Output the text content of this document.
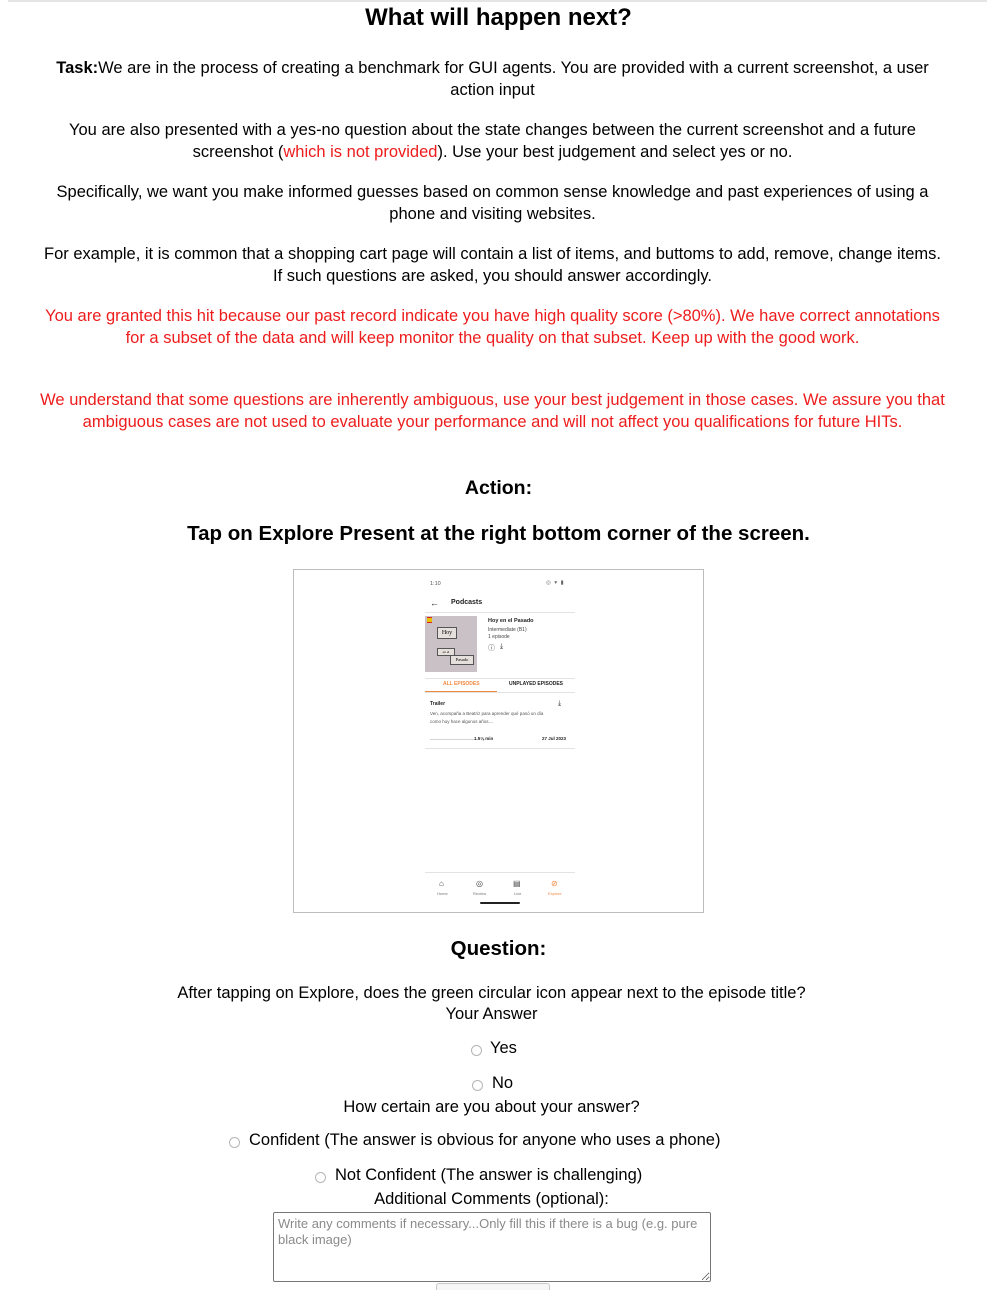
What will happen next?

Task:We are in the process of creating a benchmark for GUI agents. You are provided with a current screenshot, a user action input

You are also presented with a yes-no question about the state changes between the current screenshot and a future screenshot (which is not provided). Use your best judgement and select yes or no.

Specifically, we want you make informed guesses based on common sense knowledge and past experiences of using a phone and visiting websites.

For example, it is common that a shopping cart page will contain a list of items, and buttoms to add, remove, change items. If such questions are asked, you should answer accordingly.

You are granted this hit because our past record indicate you have high quality score (>80%). We have correct annotations for a subset of the data and will keep monitor the quality on that subset. Keep up with the good work.

We understand that some questions are inherently ambiguous, use your best judgement in those cases. We assure you that ambiguous cases are not used to evaluate your performance and will not affect you qualifications for future HITs.

Action:
Tap on Explore Present at the right bottom corner of the screen.
1:10	◎ ▾ ▮
← Podcasts
Hoy
en el
Pasado
Hoy en el Pasado
Intermediate (B1)
1 episode
ⓘ ⤓
ALL EPISODES	UNPLAYED EPISODES
Trailer	⤓
Ven, acompaña a Beatriz para aprender qué pasó un día
como hoy hace algunos años....
1.5⅛ min	27 Jul 2023
⌂
Home
◎
Review
▤
Live
⊘
Explore
Question:

After tapping on Explore, does the green circular icon appear next to the episode title?

Your Answer

Yes
No

How certain are you about your answer?

Confident (The answer is obvious for anyone who uses a phone)
Not Confident (The answer is challenging)

Additional Comments (optional):

Write any comments if necessary...Only fill this if there is a bug (e.g. pure black image)
